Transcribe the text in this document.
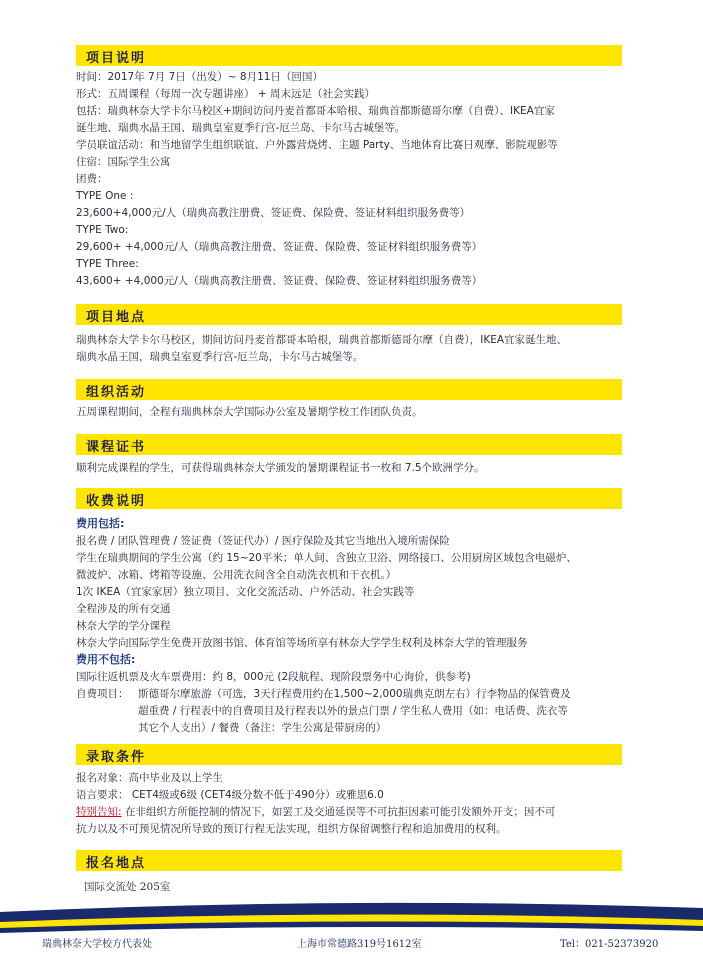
项目说明
时间：2017年 7月 7日（出发）~ 8月11日（回国）
形式：五周课程（每周一次专题讲座） + 周末远足（社会实践）
包括：瑞典林奈大学卡尔马校区+期间访问丹麦首都哥本哈根、瑞典首都斯德哥尔摩（自费）、IKEA宜家
诞生地、瑞典水晶王国、瑞典皇室夏季行宫-厄兰岛、卡尔马古城堡等。
学员联谊活动：和当地留学生组织联谊、户外露营烧烤、主题 Party、当地体育比赛日观摩、影院观影等
住宿：国际学生公寓
团费：
TYPE One :
23,600+4,000元/人（瑞典高教注册费、签证费、保险费、签证材料组织服务费等）
TYPE Two:
29,600+ +4,000元/人（瑞典高教注册费、签证费、保险费、签证材料组织服务费等）
TYPE Three:
43,600+ +4,000元/人（瑞典高教注册费、签证费、保险费、签证材料组织服务费等）
项目地点
瑞典林奈大学卡尔马校区，期间访问丹麦首都哥本哈根，瑞典首都斯德哥尔摩（自费），IKEA宜家诞生地、
瑞典水晶王国，瑞典皇室夏季行宫-厄兰岛，卡尔马古城堡等。
组织活动
五周课程期间，全程有瑞典林奈大学国际办公室及暑期学校工作团队负责。
课程证书
顺利完成课程的学生，可获得瑞典林奈大学颁发的暑期课程证书一枚和 7.5个欧洲学分。
收费说明
费用包括:
报名费 / 团队管理费 / 签证费（签证代办）/ 医疗保险及其它当地出入境所需保险
学生在瑞典期间的学生公寓（约 15~20平米；单人间、含独立卫浴、网络接口、公用厨房区域包含电磁炉、
微波炉、冰箱、烤箱等设施、公用洗衣间含全自动洗衣机和干衣机。）
1次 IKEA（宜家家居）独立项目、文化交流活动、户外活动、社会实践等
全程涉及的所有交通
林奈大学的学分课程
林奈大学向国际学生免费开放图书馆、体育馆等场所享有林奈大学学生权利及林奈大学的管理服务
费用不包括:
国际往返机票及火车票费用：约 8，000元 (2段航程、现阶段票务中心询价，供参考)
自费项目： 斯德哥尔摩旅游（可选，3天行程费用约在1,500~2,000瑞典克朗左右）行李物品的保管费及
超重费 / 行程表中的自费项目及行程表以外的景点门票 / 学生私人费用（如：电话费、洗衣等
其它个人支出）/ 餐费（备注：学生公寓是带厨房的）
录取条件
报名对象：高中毕业及以上学生
语言要求： CET4级或6级 (CET4级分数不低于490分）或雅思6.0
特别告知: 在非组织方所能控制的情况下，如罢工及交通延误等不可抗拒因素可能引发额外开支；因不可
抗力以及不可预见情况所导致的预订行程无法实现，组织方保留调整行程和追加费用的权利。
报名地点
国际交流处 205室
瑞典林奈大学校方代表处	上海市常德路319号1612室	Tel：021-52373920
